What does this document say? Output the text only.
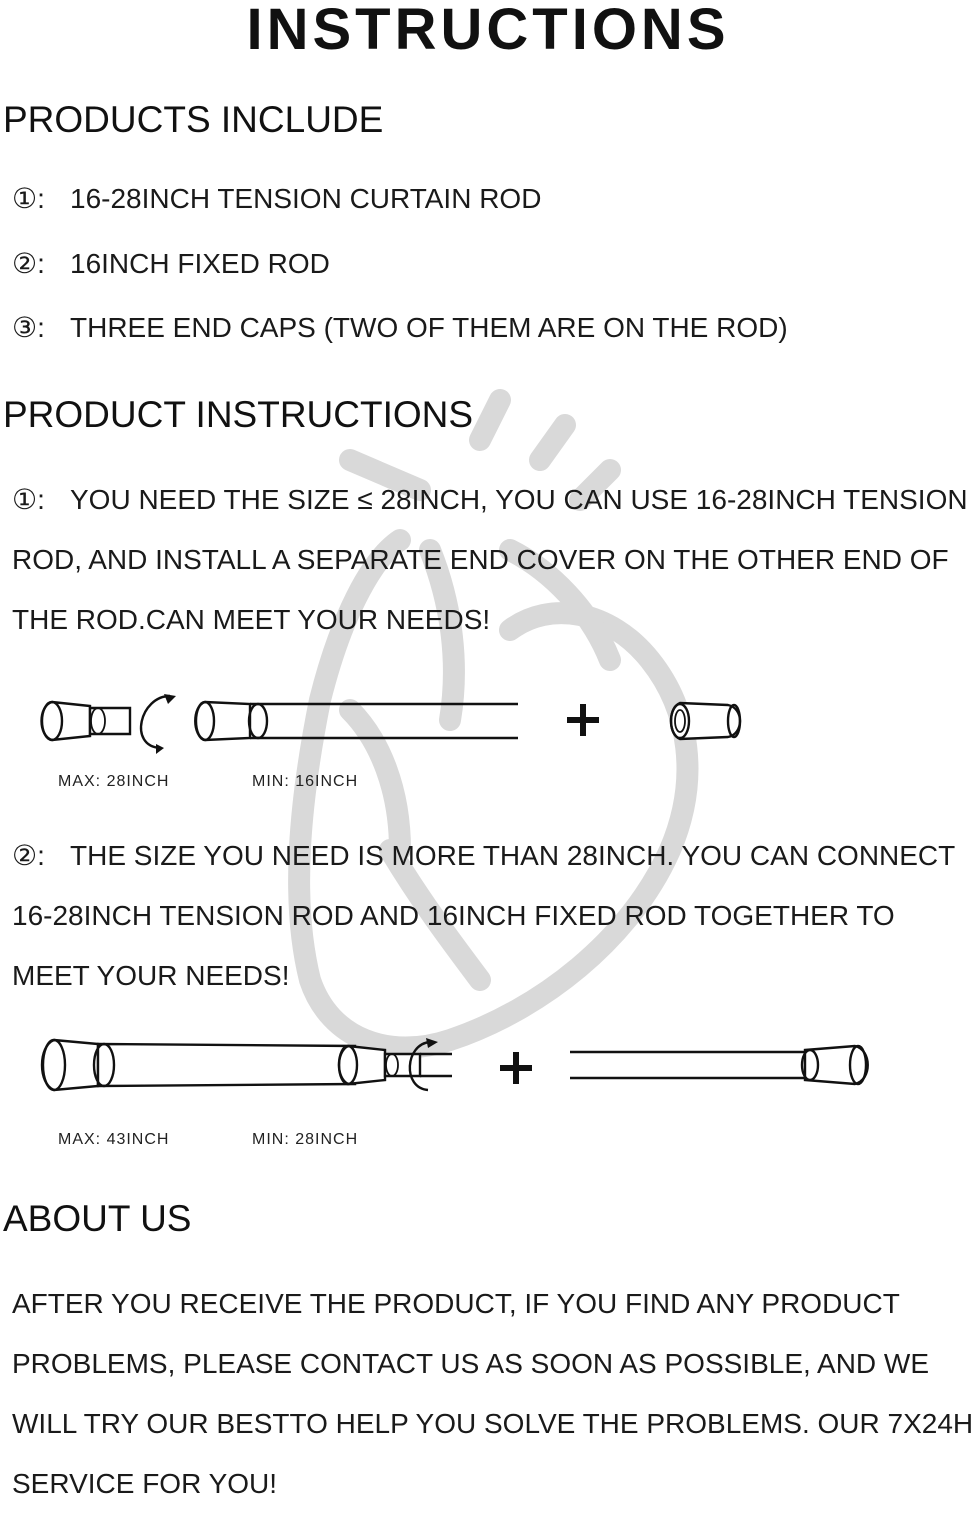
INSTRUCTIONS
PRODUCTS INCLUDE
①: 16-28INCH TENSION CURTAIN ROD
②: 16INCH FIXED ROD
③: THREE END CAPS (TWO OF THEM ARE ON THE ROD)
PRODUCT INSTRUCTIONS
①: YOU NEED THE SIZE ≤ 28INCH, YOU CAN USE 16-28INCH TENSION ROD, AND INSTALL A SEPARATE END COVER ON THE OTHER END OF THE ROD.CAN MEET YOUR NEEDS!
MAX: 28INCH	MIN: 16INCH
②: THE SIZE YOU NEED IS MORE THAN 28INCH. YOU CAN CONNECT 16-28INCH TENSION ROD AND 16INCH FIXED ROD TOGETHER TO MEET YOUR NEEDS!
MAX: 43INCH	MIN: 28INCH
ABOUT US
AFTER YOU RECEIVE THE PRODUCT, IF YOU FIND ANY PRODUCT PROBLEMS, PLEASE CONTACT US AS SOON AS POSSIBLE, AND WE WILL TRY OUR BESTTO HELP YOU SOLVE THE PROBLEMS. OUR 7X24H SERVICE FOR YOU!
